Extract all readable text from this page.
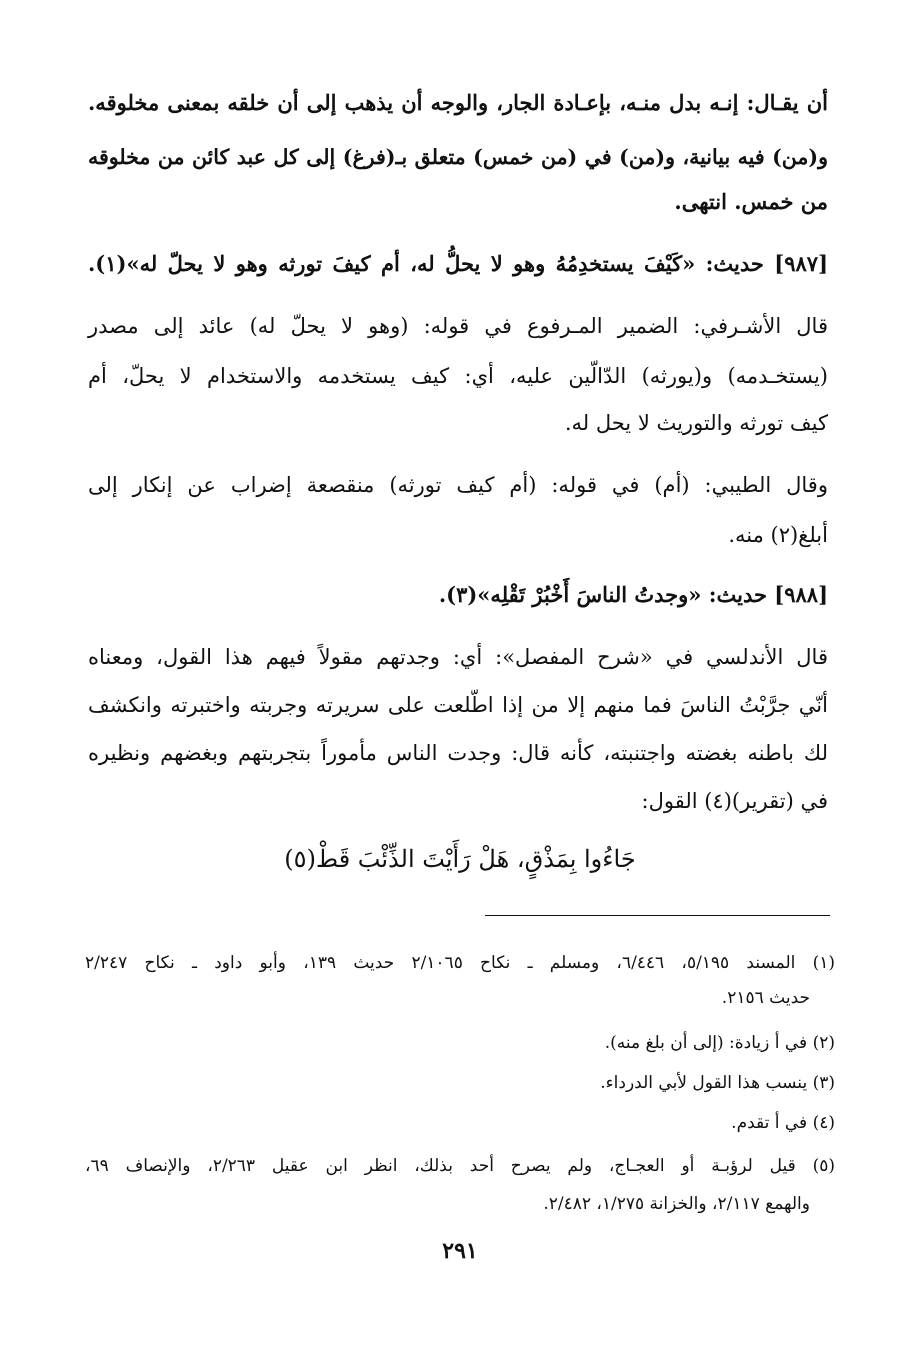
أن يقـال: إنـه بدل منـه، بإعـادة الجار، والوجه أن يذهب إلى أن خلقه بمعنى مخلوقه.
و(من) فيه بيانية، و(من) في (من خمس) متعلق بـ(فرغ) إلى كل عبد كائن من مخلوقه
من خمس. انتهى.
[٩٨٧] حديث: «كَيْفَ يستخدِمُهُ وهو لا يحلُّ له، أم كيفَ تورثه وهو لا يحلّ له»(١).
قال الأشـرفي: الضمير المـرفوع في قوله: (وهو لا يحلّ له) عائد إلى مصدر
(يستخـدمه) و(يورثه) الدّالّين عليه، أي: كيف يستخدمه والاستخدام لا يحلّ، أم
كيف تورثه والتوريث لا يحل له.
وقال الطيبي: (أم) في قوله: (أم كيف تورثه) منقصعة إضراب عن إنكار إلى
أبلغ(٢) منه.
[٩٨٨] حديث: «وجدتُ الناسَ أَخْبُرْ تَقْلِه»(٣).
قال الأندلسي في «شرح المفصل»: أي: وجدتهم مقولاً فيهم هذا القول، ومعناه
أنّي جرَّبْتُ الناسَ فما منهم إلا من إذا اطّلعت على سريرته وجربته واختبرته وانكشف
لك باطنه بغضته واجتنبته، كأنه قال: وجدت الناس مأموراً بتجربتهم وبغضهم ونظيره
في (تقرير)(٤) القول:
جَاءُوا بِمَذْقٍ، هَلْ رَأَيْتَ الذِّئْبَ قَطْ(٥)
(١) المسند ٥/١٩٥، ٦/٤٤٦، ومسلم ـ نكاح ٢/١٠٦٥ حديث ١٣٩، وأبو داود ـ نكاح ٢/٢٤٧
حديث ٢١٥٦.
(٢) في أ زيادة: (إلى أن بلغ منه).
(٣) ينسب هذا القول لأبي الدرداء.
(٤) في أ تقدم.
(٥) قيل لرؤبـة أو العجـاج، ولم يصرح أحد بذلك، انظر ابن عقيل ٢/٢٦٣، والإنصاف ٦٩،
والهمع ٢/١١٧، والخزانة ١/٢٧٥، ٢/٤٨٢.
٢٩١
